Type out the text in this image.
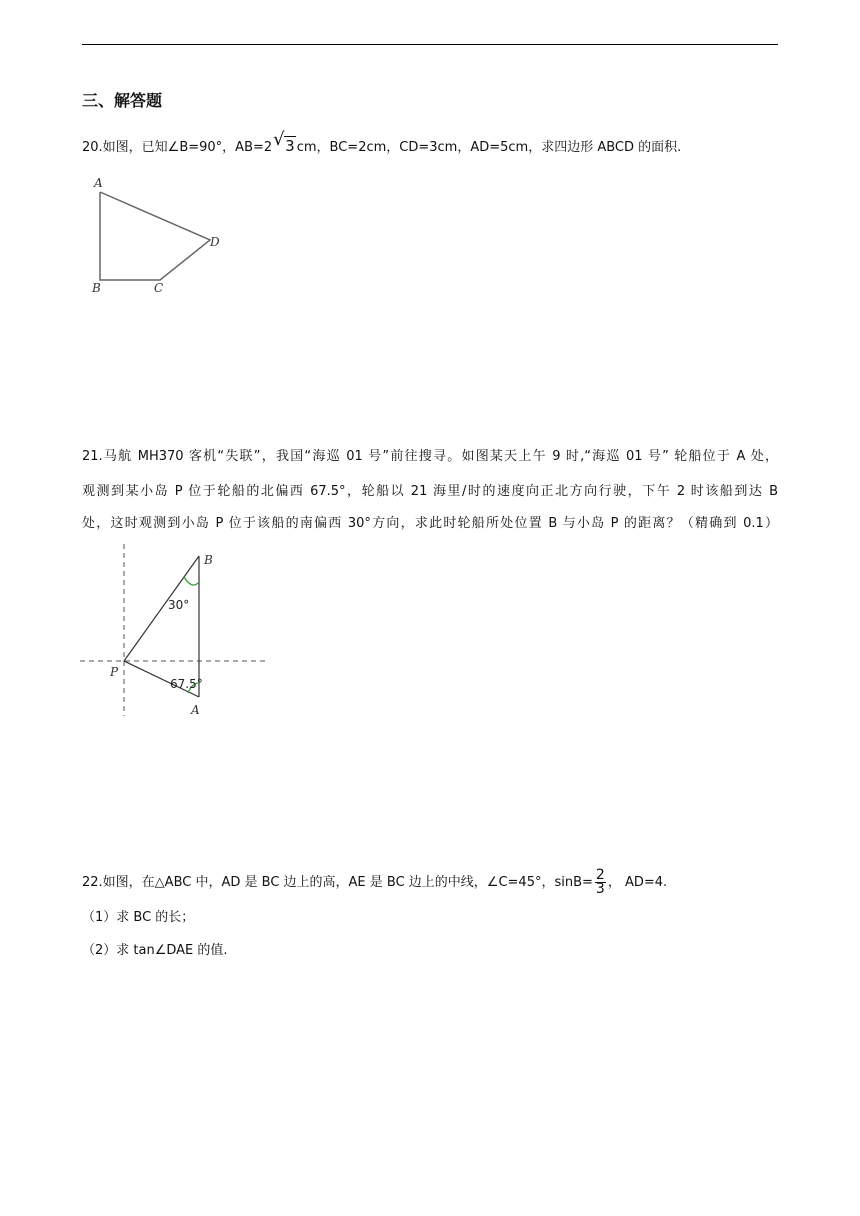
三、解答题
20.如图，已知∠B=90°，AB=2 √ 3 cm，BC=2cm，CD=3cm，AD=5cm，求四边形 ABCD 的面积.
A
D
B	C
21.马航 MH370 客机“失联”，我国“海巡 01 号”前往搜寻。如图某天上午 9 时,“海巡 01 号” 轮船位于 A 处，
观测到某小岛 P 位于轮船的北偏西 67.5°，轮船以 21 海里/时的速度向正北方向行驶，下午 2 时该船到达 B
处，这时观测到小岛 P 位于该船的南偏西 30°方向，求此时轮船所处位置 B 与小岛 P 的距离？（精确到 0.1）
B
P
A
30°
67.5°
22.如图，在△ABC 中，AD 是 BC 边上的高，AE 是 BC 边上的中线，∠C=45°，$\sin B= \frac{2}{3}$ ， AD=4.
（1）求 BC 的长；
（2）求 tan∠DAE 的值.
